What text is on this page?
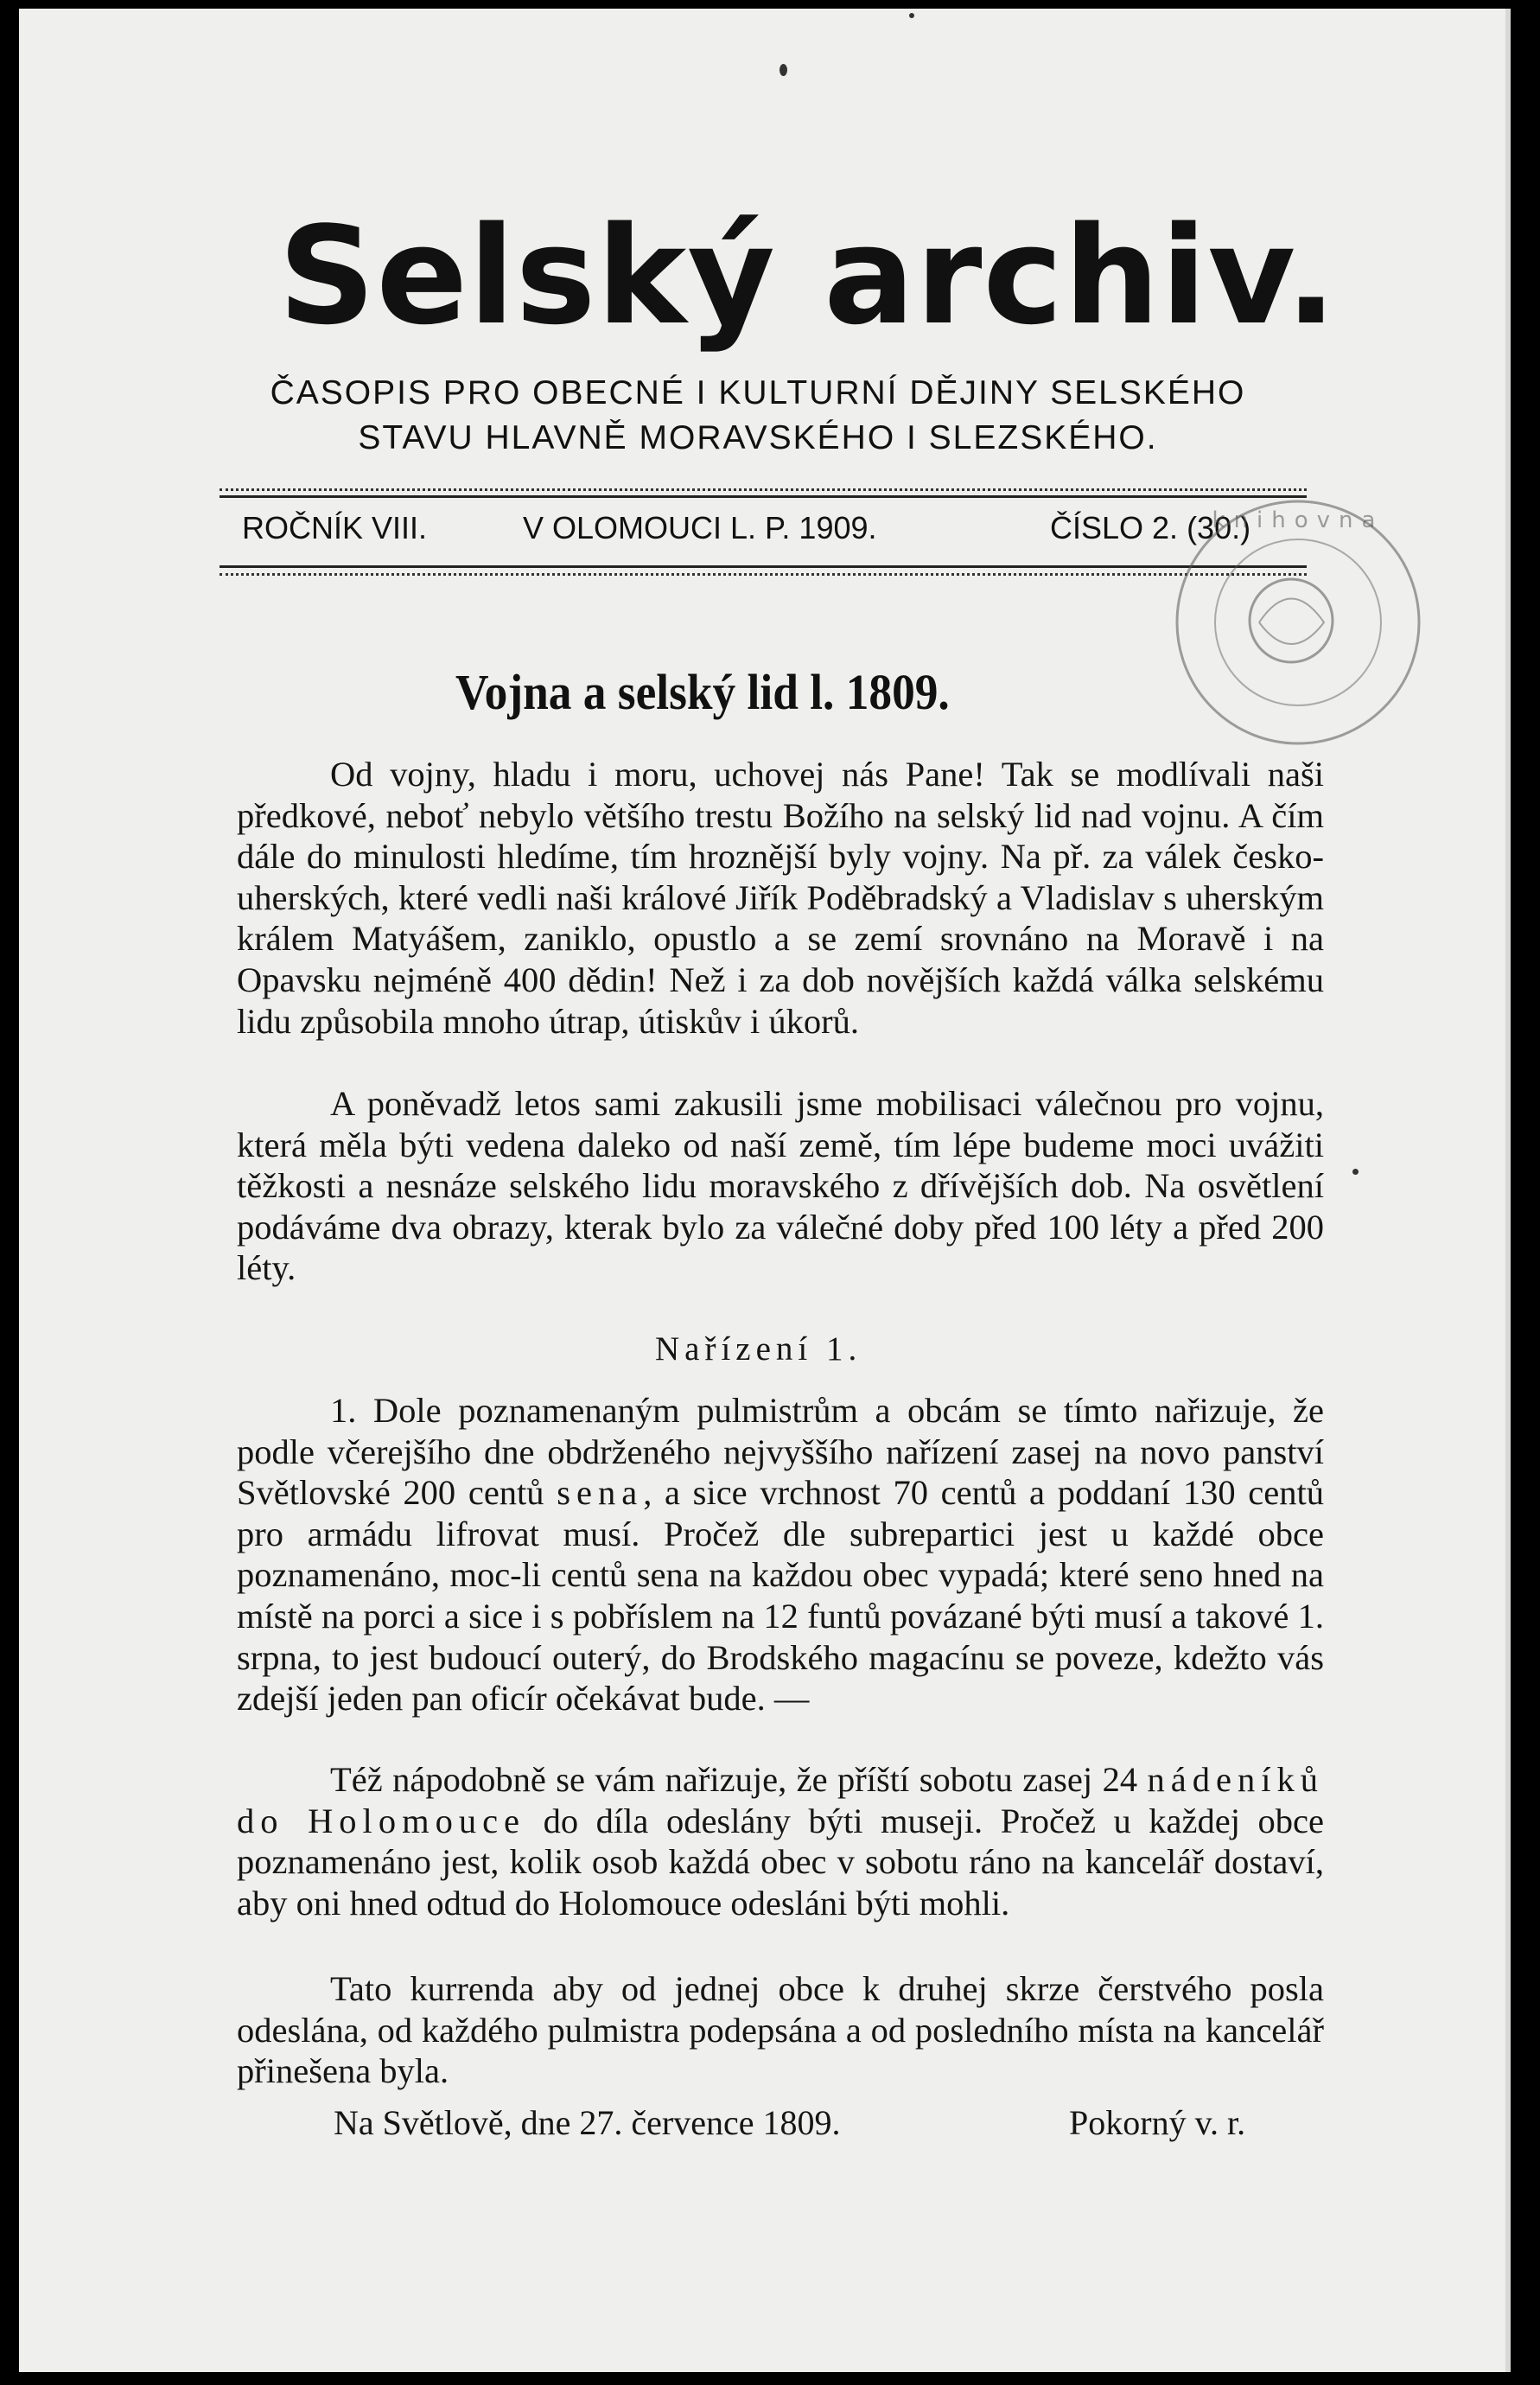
Selský archiv.
ČASOPIS PRO OBECNÉ I KULTURNÍ DĚJINY SELSKÉHO
STAVU HLAVNĚ MORAVSKÉHO I SLEZSKÉHO.
ROČNÍK VIII.	V OLOMOUCI L. P. 1909.	ČÍSLO 2. (30.)
knihovna
Vojna a selský lid l. 1809.
Od vojny, hladu i moru, uchovej nás Pane! Tak se modlívali naši předkové, neboť nebylo většího trestu Božího na selský lid nad vojnu. A čím dále do minulosti hledíme, tím hroznější byly vojny. Na př. za válek česko-uherských, které vedli naši králové Jiřík Poděbradský a Vladislav s uherským králem Matyášem, zaniklo, opustlo a se zemí srovnáno na Moravě i na Opavsku nejméně 400 dědin! Než i za dob novějších každá válka selskému lidu způsobila mnoho útrap, útiskův i úkorů.
A poněvadž letos sami zakusili jsme mobilisaci válečnou pro vojnu, která měla býti vedena daleko od naší země, tím lépe budeme moci uvážiti těžkosti a nesnáze selského lidu moravského z dřívějších dob. Na osvětlení podáváme dva obrazy, kterak bylo za válečné doby před 100 léty a před 200 léty.
Nařízení 1.
1. Dole poznamenaným pulmistrům a obcám se tímto nařizuje, že podle včerejšího dne obdrženého nejvyššího nařízení zasej na novo panství Světlovské 200 centů sena, a sice vrchnost 70 centů a poddaní 130 centů pro armádu lifrovat musí. Pročež dle subrepartici jest u každé obce poznamenáno, moc-li centů sena na každou obec vypadá; které seno hned na místě na porci a sice i s pobříslem na 12 funtů povázané býti musí a takové 1. srpna, to jest budoucí outerý, do Brodského magacínu se poveze, kdežto vás zdejší jeden pan oficír očekávat bude. —
Též nápodobně se vám nařizuje, že příští sobotu zasej 24 nádeníků do Holomouce do díla odeslány býti museji. Pročež u každej obce poznamenáno jest, kolik osob každá obec v sobotu ráno na kancelář dostaví, aby oni hned odtud do Holomouce odesláni býti mohli.
Tato kurrenda aby od jednej obce k druhej skrze čerstvého posla odeslána, od každého pulmistra podepsána a od posledního místa na kancelář přinešena byla.
Na Světlově, dne 27. července 1809.	Pokorný v. r.
